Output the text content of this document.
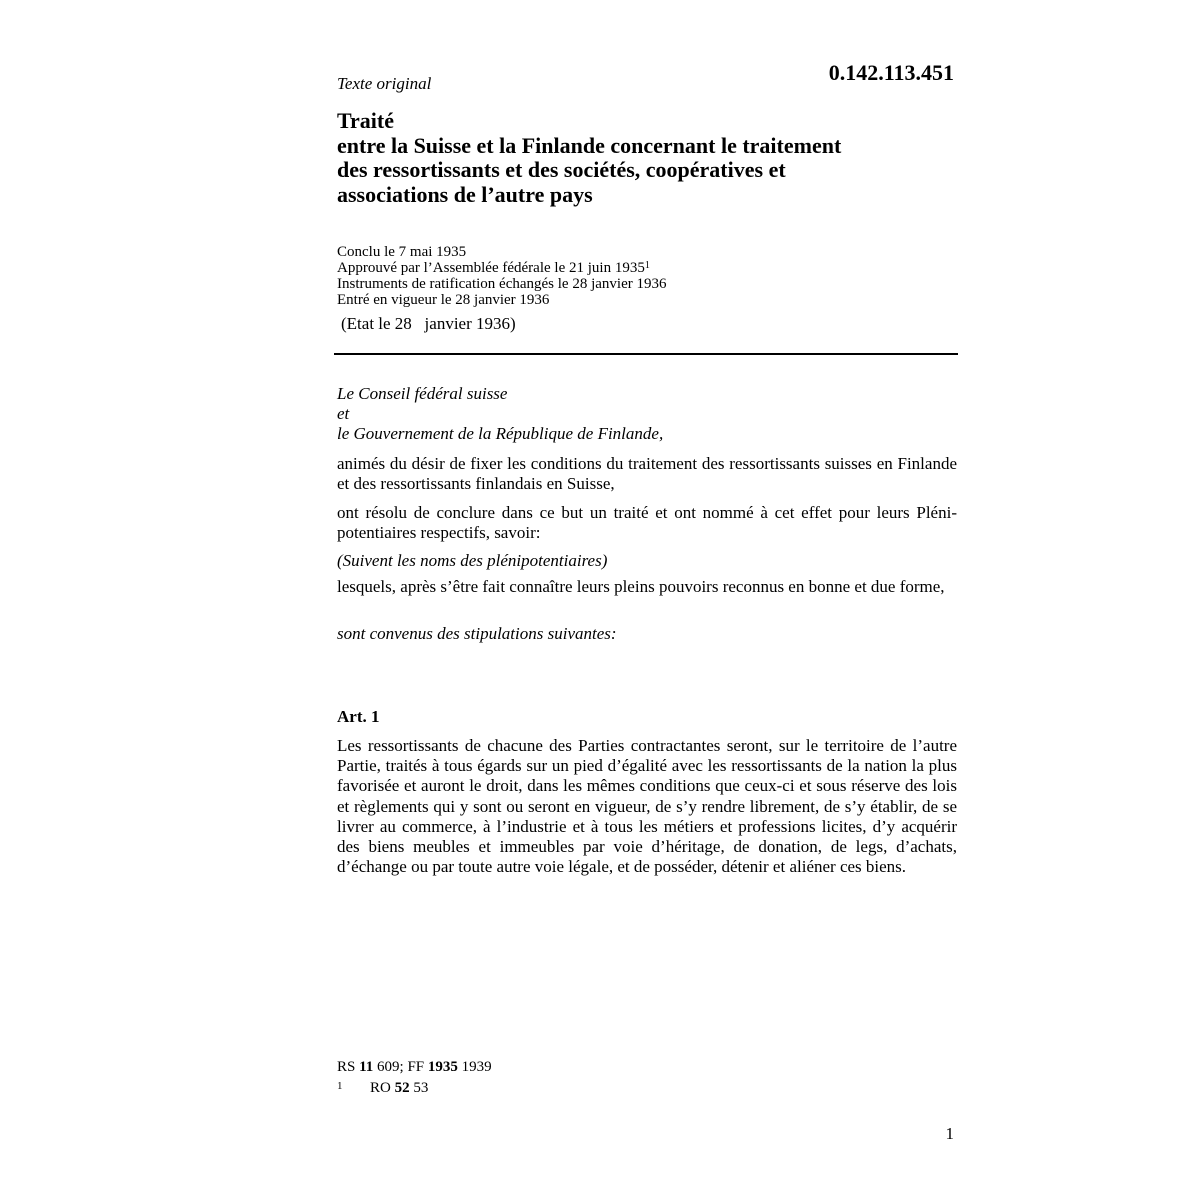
0.142.113.451
Texte original
Traité
entre la Suisse et la Finlande concernant le traitement
des ressortissants et des sociétés, coopératives et
associations de l’autre pays
Conclu le 7 mai 1935
Approuvé par l’Assemblée fédérale le 21 juin 1935$^1$
Instruments de ratification échangés le 28 janvier 1936
Entré en vigueur le 28 janvier 1936
(Etat le 28   janvier 1936)
Le Conseil fédéral suisse
et
le Gouvernement de la République de Finlande,
animés du désir de fixer les conditions du traitement des ressortissants suisses en Finlande et des ressortissants finlandais en Suisse,
ont résolu de conclure dans ce but un traité et ont nommé à cet effet pour leurs Plénipotentiaires respectifs, savoir:
(Suivent les noms des plénipotentiaires)
lesquels, après s’être fait connaître leurs pleins pouvoirs reconnus en bonne et due forme,
sont convenus des stipulations suivantes:
Art. 1
Les ressortissants de chacune des Parties contractantes seront, sur le territoire de l’autre Partie, traités à tous égards sur un pied d’égalité avec les ressortissants de la nation la plus favorisée et auront le droit, dans les mêmes conditions que ceux-ci et sous réserve des lois et règlements qui y sont ou seront en vigueur, de s’y rendre librement, de s’y établir, de se livrer au commerce, à l’industrie et à tous les métiers et professions licites, d’y acquérir des biens meubles et immeubles par voie d’héritage, de donation, de legs, d’achats, d’échange ou par toute autre voie légale, et de posséder, détenir et aliéner ces biens.
RS 11 609; FF 1935 1939
1 RO 52 53
1
